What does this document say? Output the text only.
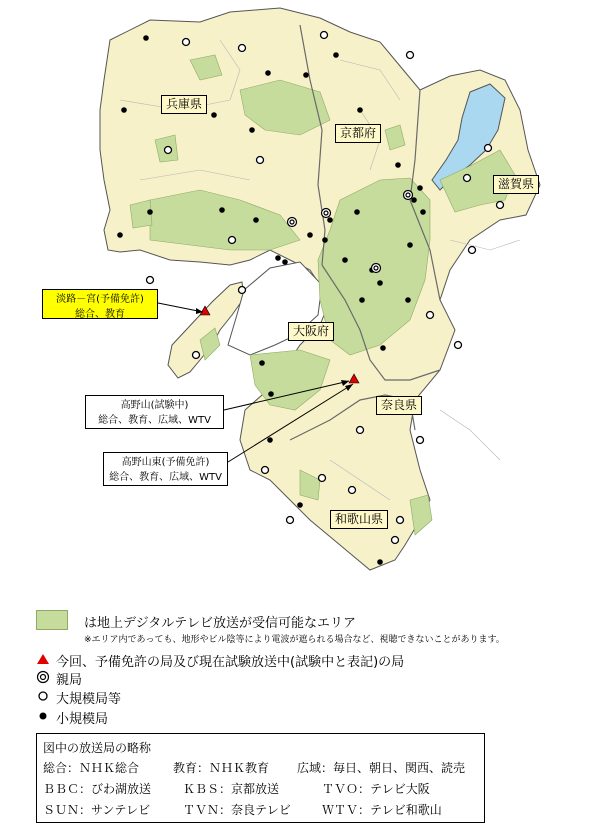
兵庫県
京都府
滋賀県
大阪府
奈良県
和歌山県
淡路－宮(予備免許)
総合、教育
高野山(試験中)
総合、教育、広域、WTV
高野山東(予備免許)
総合、教育、広域、WTV
は地上デジタルテレビ放送が受信可能なエリア
※エリア内であっても、地形やビル陰等により電波が遮られる場合など、視聴できないことがあります。
今回、予備免許の局及び現在試験放送中(試験中と表記)の局
親局
大規模局等
小規模局
図中の放送局の略称
総合：ＮＨＫ総合	教育：ＮＨＫ教育 広域：毎日、朝日、関西、読売
ＢＢＣ：びわ湖放送	ＫＢＳ：京都放送	ＴＶＯ：テレビ大阪
ＳＵＮ：サンテレビ	ＴＶＮ：奈良テレビ	ＷＴＶ：テレビ和歌山
